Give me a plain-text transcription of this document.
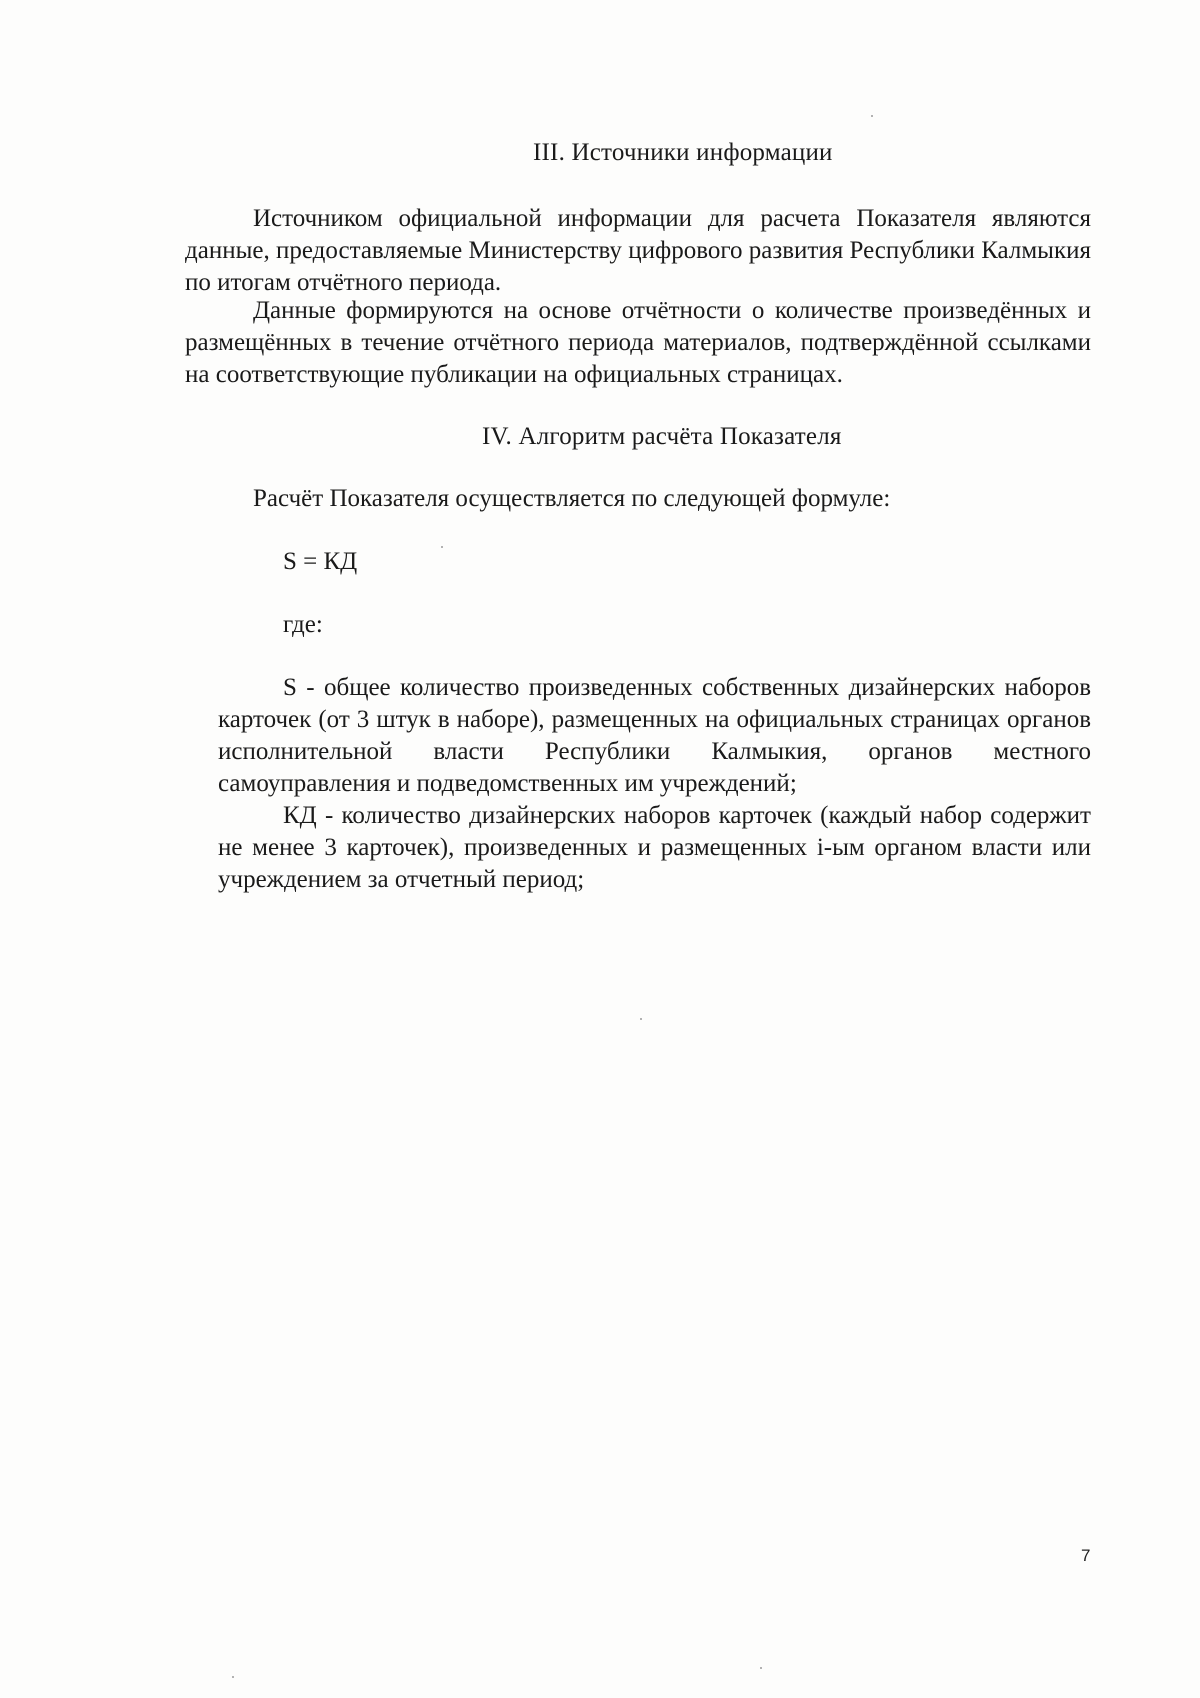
III. Источники информации

Источником официальной информации для расчета Показателя являются данные, предоставляемые Министерству цифрового развития Республики Калмыкия по итогам отчётного периода.

Данные формируются на основе отчётности о количестве произведённых и размещённых в течение отчётного периода материалов, подтверждённой ссылками на соответствующие публикации на официальных страницах.

IV. Алгоритм расчёта Показателя
Расчёт Показателя осуществляется по следующей формуле:
S = КД
где:

S - общее количество произведенных собственных дизайнерских наборов карточек (от 3 штук в наборе), размещенных на официальных страницах органов исполнительной власти Республики Калмыкия, органов местного самоуправления и подведомственных им учреждений;

КД - количество дизайнерских наборов карточек (каждый набор содержит не менее 3 карточек), произведенных и размещенных i-ым органом власти или учреждением за отчетный период;

7
